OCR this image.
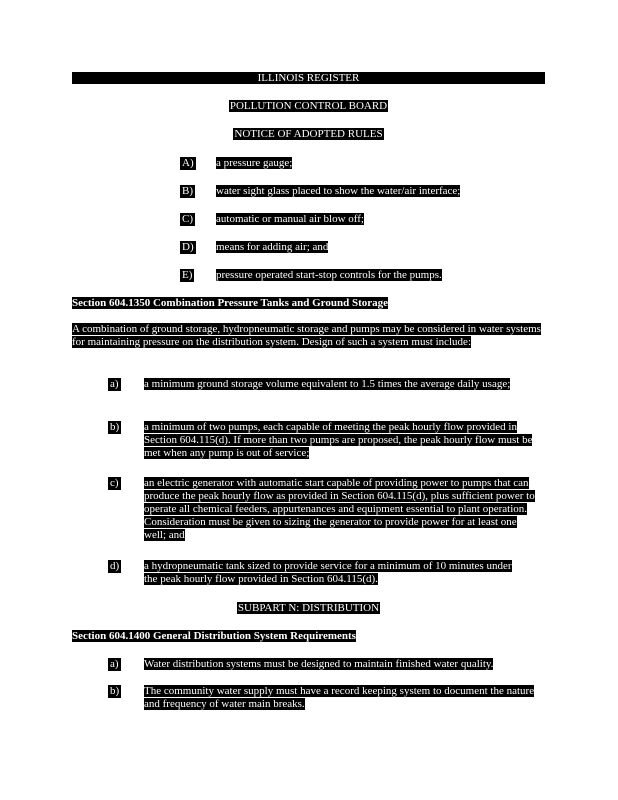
ILLINOIS REGISTER
POLLUTION CONTROL BOARD
NOTICE OF ADOPTED RULES
A) a pressure gauge;
B) water sight glass placed to show the water/air interface;
C) automatic or manual air blow off;
D) means for adding air; and
E) pressure operated start-stop controls for the pumps.
Section 604.1350 Combination Pressure Tanks and Ground Storage
A combination of ground storage, hydropneumatic storage and pumps may be considered in water systems for maintaining pressure on the distribution system. Design of such a system must include:
a) a minimum ground storage volume equivalent to 1.5 times the average daily usage;
b) a minimum of two pumps, each capable of meeting the peak hourly flow provided in Section 604.115(d). If more than two pumps are proposed, the peak hourly flow must be met when any pump is out of service;
c) an electric generator with automatic start capable of providing power to pumps that can produce the peak hourly flow as provided in Section 604.115(d), plus sufficient power to operate all chemical feeders, appurtenances and equipment essential to plant operation. Consideration must be given to sizing the generator to provide power for at least one well; and
d) a hydropneumatic tank sized to provide service for a minimum of 10 minutes under the peak hourly flow provided in Section 604.115(d).
SUBPART N: DISTRIBUTION
Section 604.1400 General Distribution System Requirements
a) Water distribution systems must be designed to maintain finished water quality.
b) The community water supply must have a record keeping system to document the nature and frequency of water main breaks.
